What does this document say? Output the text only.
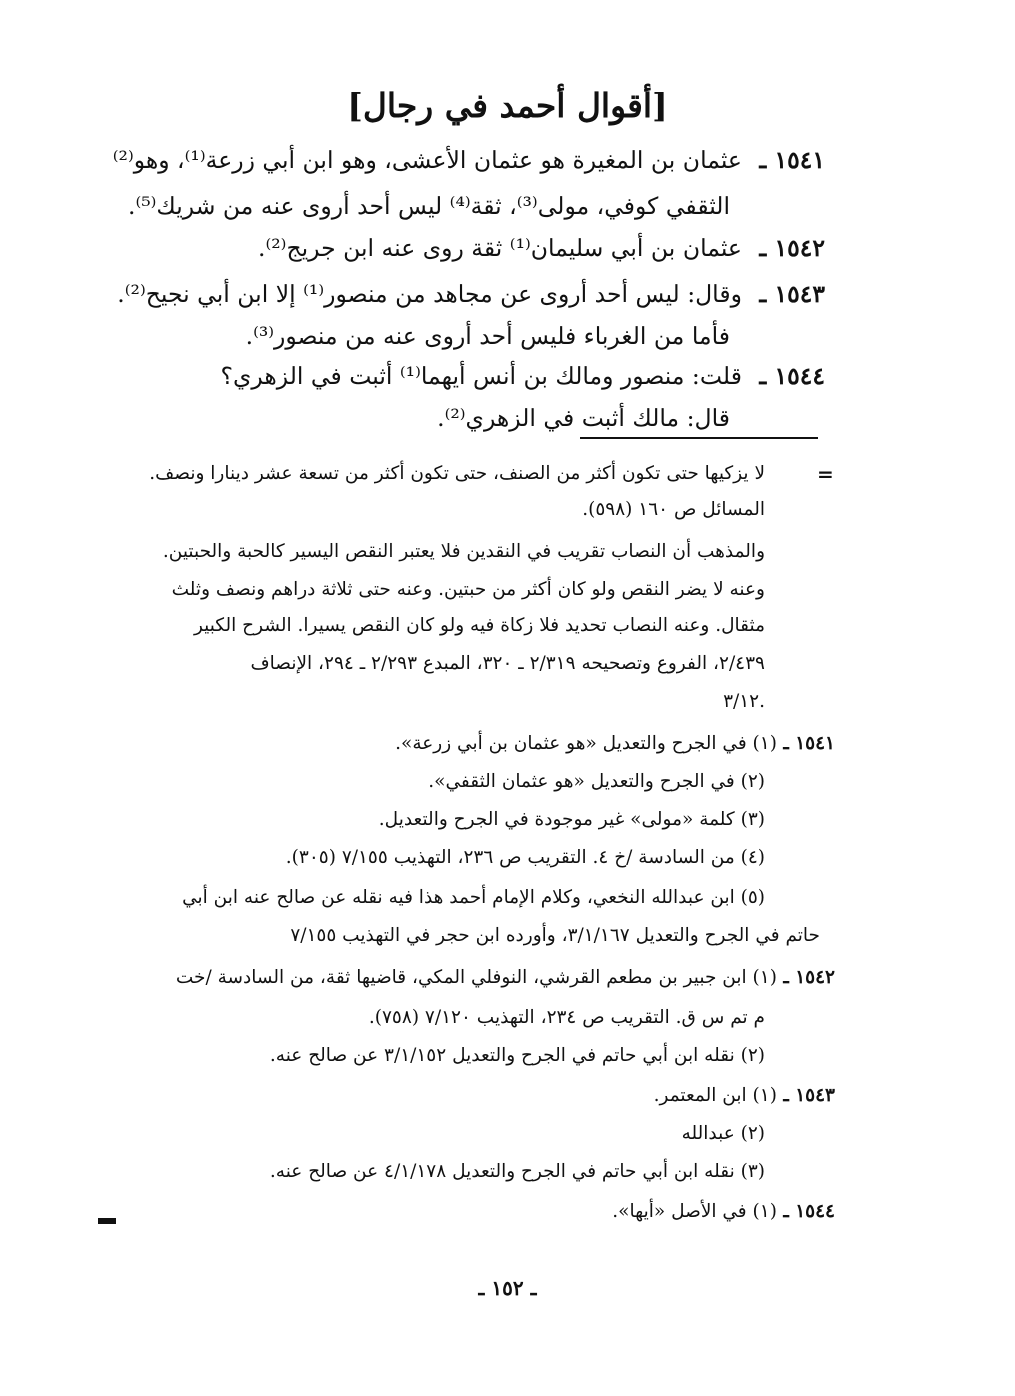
[أقوال أحمد في رجال]
١٥٤١ ـ عثمان بن المغيرة هو عثمان الأعشى، وهو ابن أبي زرعة⁽¹⁾، وهو⁽²⁾
الثقفي كوفي، مولى⁽³⁾، ثقة⁽⁴⁾ ليس أحد أروى عنه من شريك⁽⁵⁾.
١٥٤٢ ـ عثمان بن أبي سليمان⁽¹⁾ ثقة روى عنه ابن جريج⁽²⁾.
١٥٤٣ ـ وقال: ليس أحد أروى عن مجاهد من منصور⁽¹⁾ إلا ابن أبي نجيح⁽²⁾.
فأما من الغرباء فليس أحد أروى عنه من منصور⁽³⁾.
١٥٤٤ ـ قلت: منصور ومالك بن أنس أيهما⁽¹⁾ أثبت في الزهري؟
قال: مالك أثبت في الزهري⁽²⁾.
=
لا يزكيها حتى تكون أكثر من الصنف، حتى تكون أكثر من تسعة عشر دينارا ونصف.
المسائل ص ١٦٠ (٥٩٨).
والمذهب أن النصاب تقريب في النقدين فلا يعتبر النقص اليسير كالحبة والحبتين.
وعنه لا يضر النقص ولو كان أكثر من حبتين. وعنه حتى ثلاثة دراهم ونصف وثلث
مثقال. وعنه النصاب تحديد فلا زكاة فيه ولو كان النقص يسيرا. الشرح الكبير
٢/٤٣٩، الفروع وتصحيحه ٢/٣١٩ ـ ٣٢٠، المبدع ٢/٢٩٣ ـ ٢٩٤، الإنصاف
٣/١٢.
١٥٤١ ـ (١) في الجرح والتعديل «هو عثمان بن أبي زرعة».
(٢) في الجرح والتعديل «هو عثمان الثقفي».
(٣) كلمة «مولى» غير موجودة في الجرح والتعديل.
(٤) من السادسة /خ ٤. التقريب ص ٢٣٦، التهذيب ٧/١٥٥ (٣٠٥).
(٥) ابن عبدالله النخعي، وكلام الإمام أحمد هذا فيه نقله عن صالح عنه ابن أبي
حاتم في الجرح والتعديل ٣/١/١٦٧، وأورده ابن حجر في التهذيب ٧/١٥٥
١٥٤٢ ـ (١) ابن جبير بن مطعم القرشي، النوفلي المكي، قاضيها ثقة، من السادسة /خت
م تم س ق. التقريب ص ٢٣٤، التهذيب ٧/١٢٠ (٧٥٨).
(٢) نقله ابن أبي حاتم في الجرح والتعديل ٣/١/١٥٢ عن صالح عنه.
١٥٤٣ ـ (١) ابن المعتمر.
(٢) عبدالله
(٣) نقله ابن أبي حاتم في الجرح والتعديل ٤/١/١٧٨ عن صالح عنه.
١٥٤٤ ـ (١) في الأصل «أيها».
ـ ١٥٢ ـ
